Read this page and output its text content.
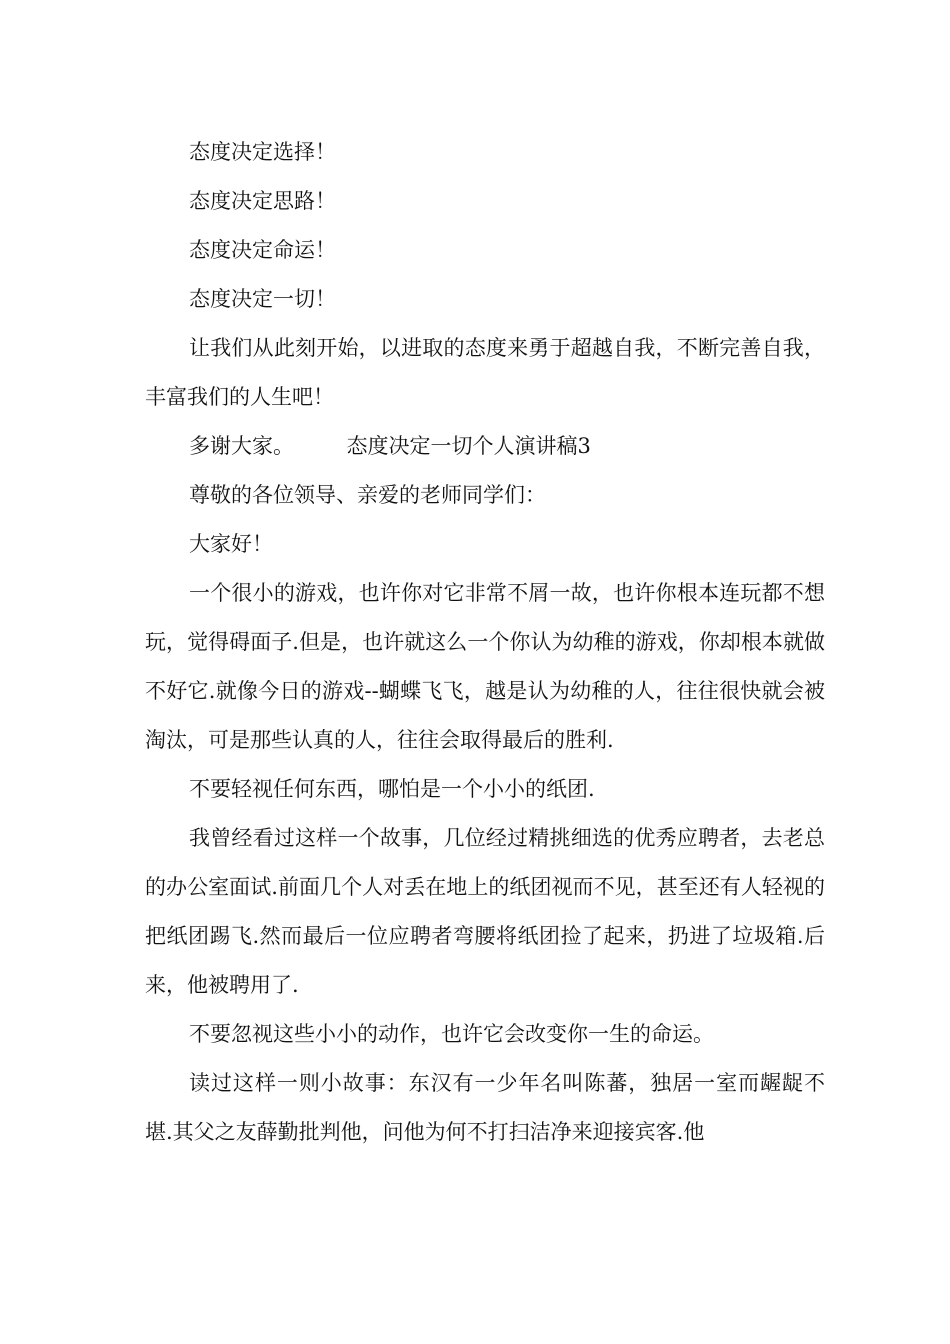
态度决定选择！

态度决定思路！

态度决定命运！

态度决定一切！

让我们从此刻开始，以进取的态度来勇于超越自我，不断完善自我，丰富我们的人生吧！

多谢大家。　　　态度决定一切个人演讲稿3

尊敬的各位领导、亲爱的老师同学们：

大家好！

一个很小的游戏，也许你对它非常不屑一故，也许你根本连玩都不想玩，觉得碍面子.但是，也许就这么一个你认为幼稚的游戏，你却根本就做不好它.就像今日的游戏--蝴蝶飞飞，越是认为幼稚的人，往往很快就会被淘汰，可是那些认真的人，往往会取得最后的胜利.

不要轻视任何东西，哪怕是一个小小的纸团.

我曾经看过这样一个故事，几位经过精挑细选的优秀应聘者，去老总的办公室面试.前面几个人对丢在地上的纸团视而不见，甚至还有人轻视的把纸团踢飞.然而最后一位应聘者弯腰将纸团捡了起来，扔进了垃圾箱.后来，他被聘用了.

不要忽视这些小小的动作，也许它会改变你一生的命运。

读过这样一则小故事：东汉有一少年名叫陈蕃，独居一室而龌龊不堪.其父之友薛勤批判他，问他为何不打扫洁净来迎接宾客.他
